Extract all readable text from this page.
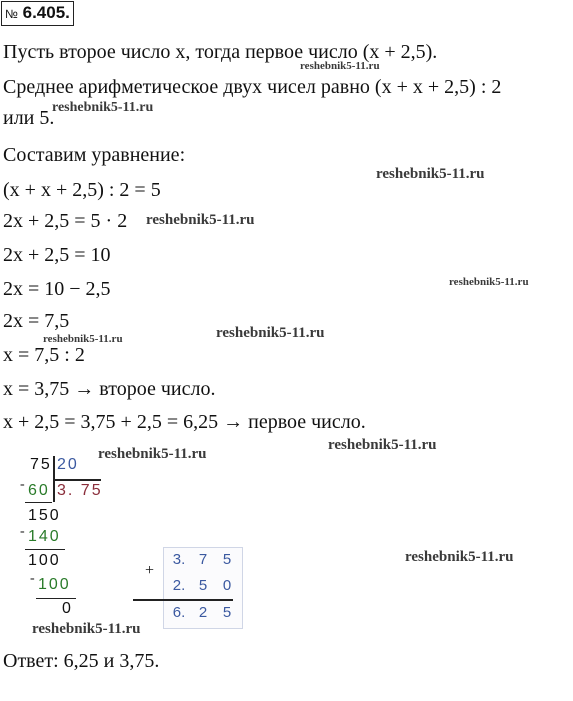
№ 6.405.
Пусть второе число x, тогда первое число (x + 2,5).
reshebnik5-11.ru
Среднее арифметическое двух чисел равно (x + x + 2,5) : 2
или 5.
reshebnik5-11.ru
Составим уравнение:
(x + x + 2,5) : 2 = 5
reshebnik5-11.ru
2x + 2,5 = 5 · 2 reshebnik5-11.ru
2x + 2,5 = 10
2x = 10 − 2,5	reshebnik5-11.ru
2x = 7,5
reshebnik5-11.ru	reshebnik5-11.ru
x = 7,5 : 2
x = 3,75 → второе число.
x + 2,5 = 3,75 + 2,5 = 6,25 → первое число.
reshebnik5-11.ru
75 20
reshebnik5-11.ru
- 60 3. 75
150
- 140
100
- 100
0
+
3. 7	5
2. 5	0
6. 2	5
reshebnik5-11.ru
reshebnik5-11.ru
Ответ: 6,25 и 3,75.
